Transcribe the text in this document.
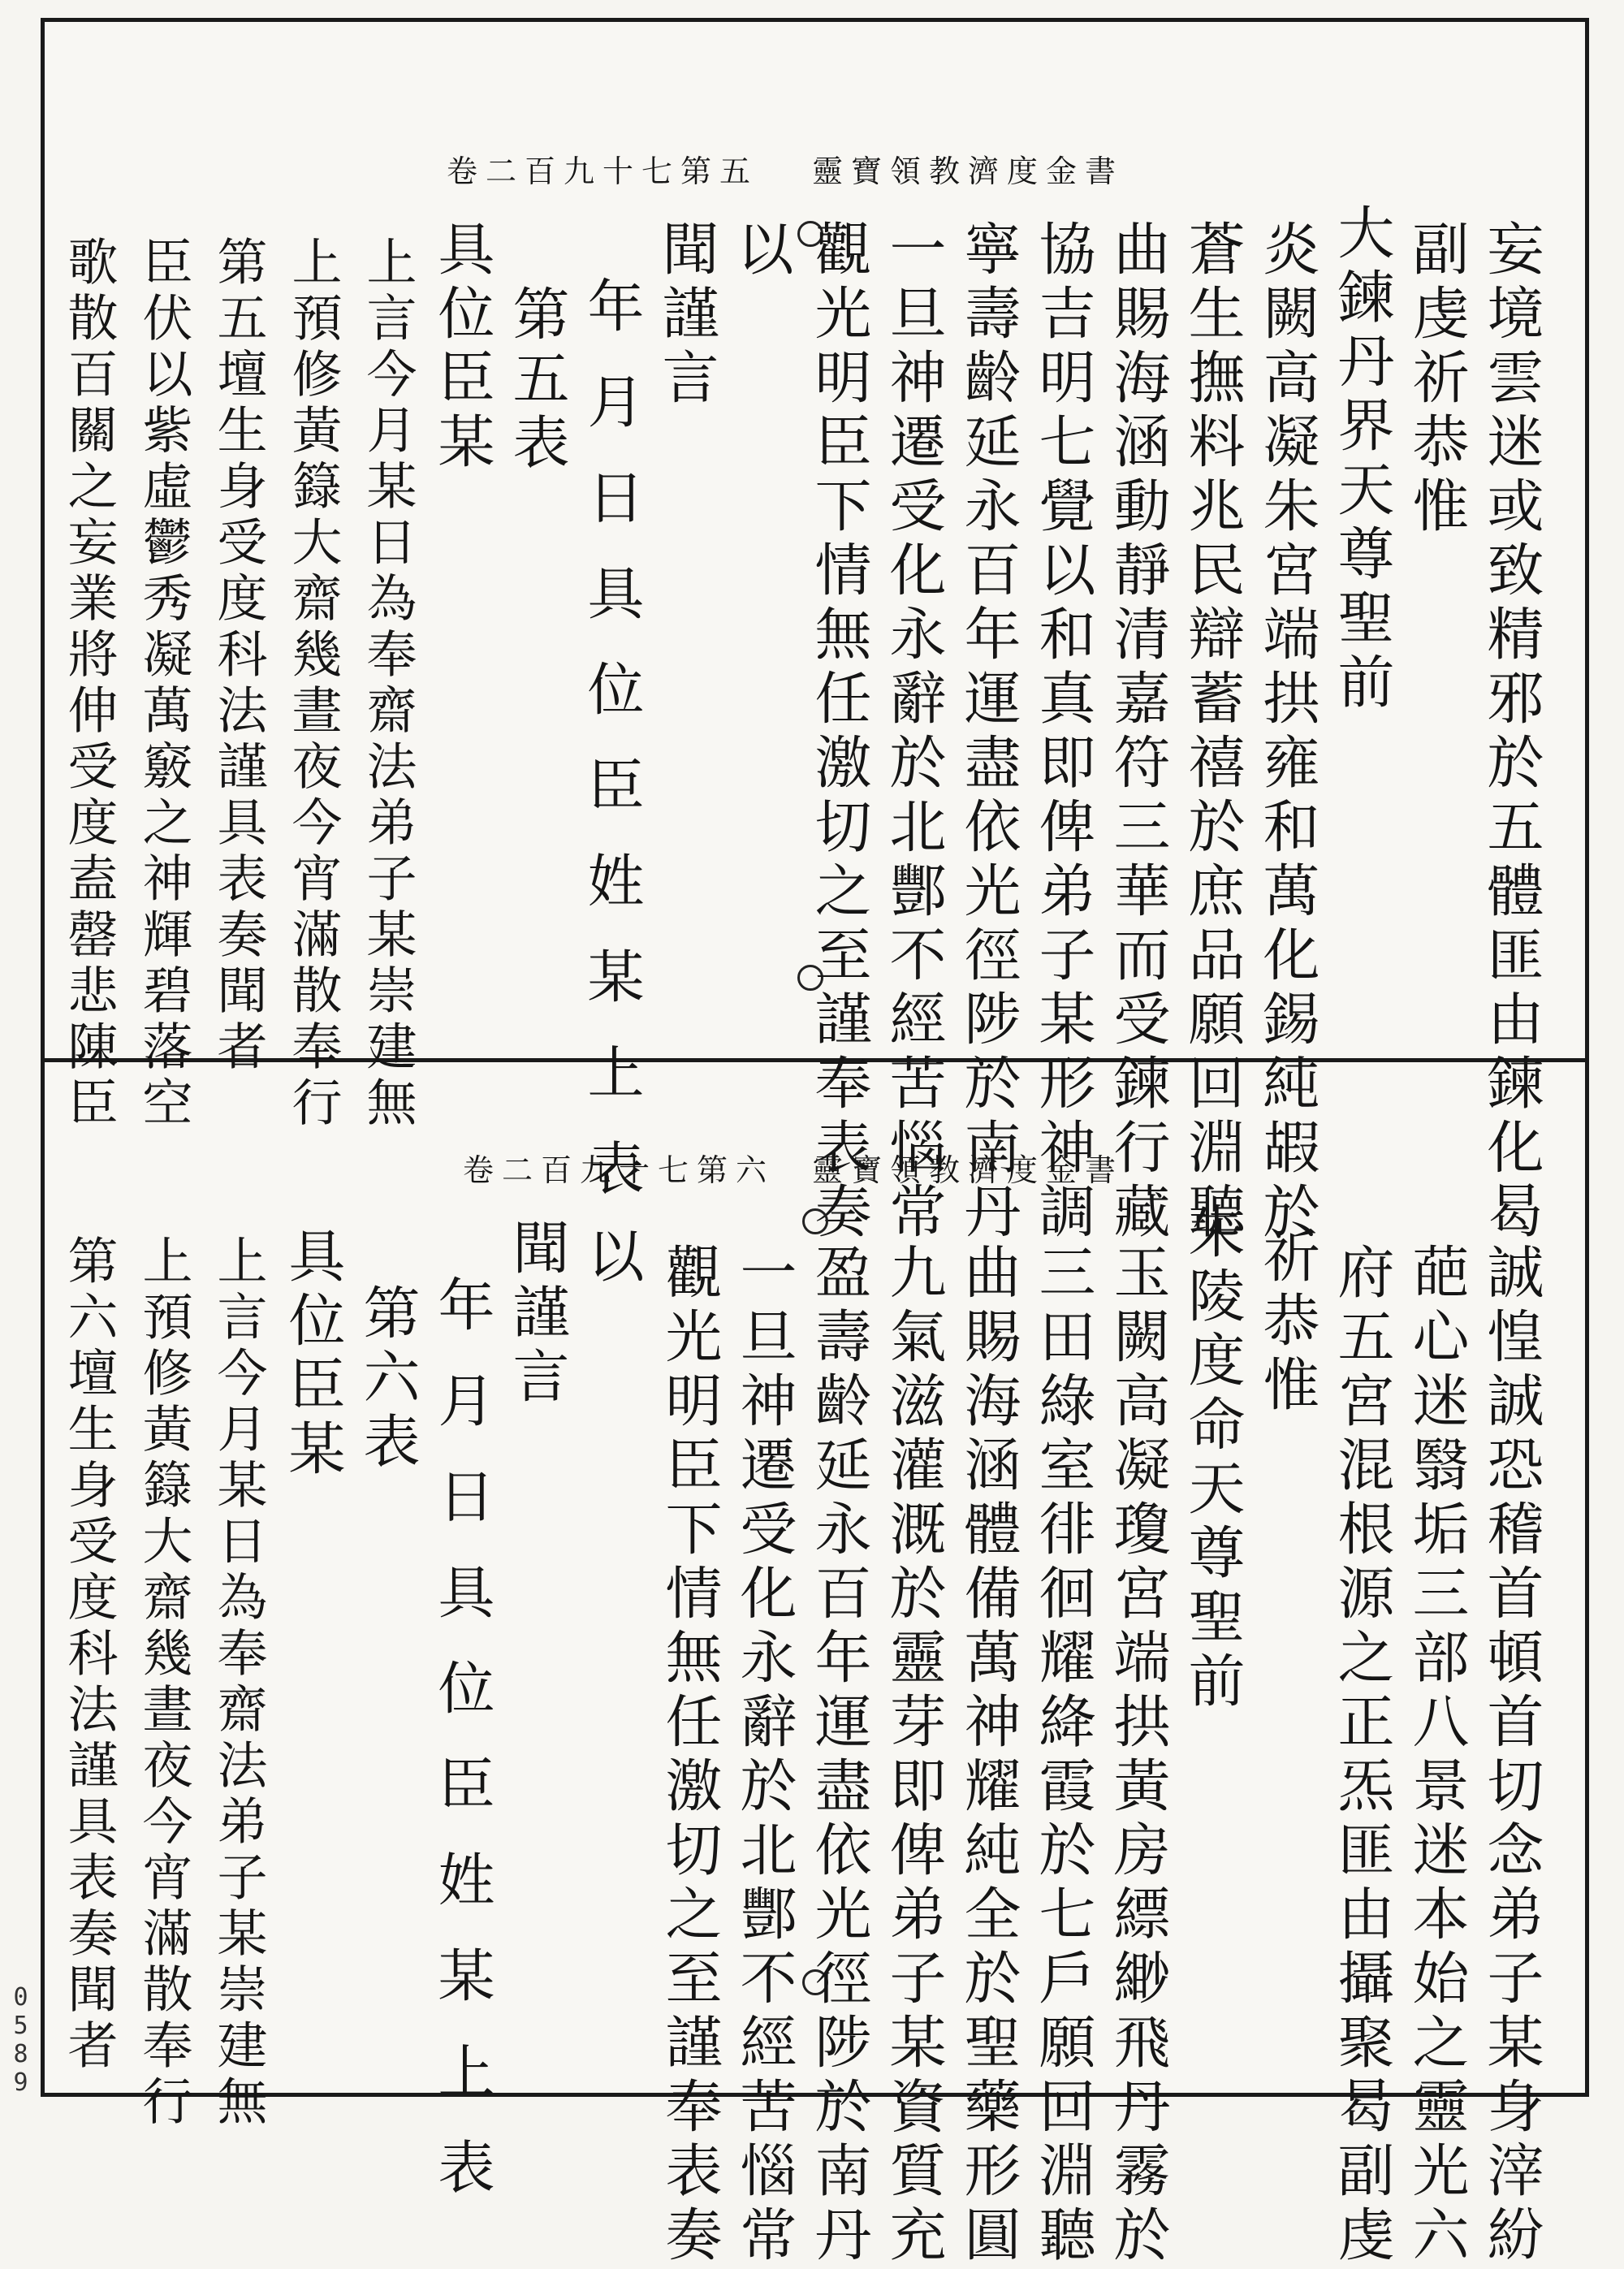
0589
靈寶領教濟度金書
卷二百九十七第五
妄境雲迷或致精邪於五體匪由鍊化曷
副虔祈恭惟
大鍊丹界天尊聖前
炎闕高凝朱宮端拱雍和萬化錫純嘏於
蒼生撫料兆民辯蓄禧於庶品願回淵聽
曲賜海涵動靜清嘉符三華而受鍊行藏
協吉明七覺以和真即俾弟子某形神調
寧壽齡延永百年運盡依光徑陟於南丹
一旦神遷受化永辭於北酆不經苦惱常
觀光明臣下情無任激切之至謹奉表奏
以
聞謹言
年月日具位臣姓某上表
第五表
具位臣某
上言今月某日為奉齋法弟子某崇建無
上預修黃籙大齋幾晝夜今宵滿散奉行
第五壇生身受度科法謹具表奏聞者
臣伏以紫虛鬱秀凝萬竅之神輝碧落空
歌散百關之妄業將伸受度盍罄悲陳臣
靈寶領教濟度金書
卷二百九十七第六
誠惶誠恐稽首頓首切念弟子某身滓紛
葩心迷翳垢三部八景迷本始之靈光六
府五宮混根源之正炁匪由攝聚曷副虔
祈恭惟
朱陵度命天尊聖前
玉闕高凝瓊宮端拱黃房縹緲飛丹霧於
三田綠室徘徊耀絳霞於七戶願回淵聽
曲賜海涵體備萬神耀純全於聖藥形圓
九氣滋灌溉於靈芽即俾弟子某資質充
盈壽齡延永百年運盡依光徑陟於南丹
一旦神遷受化永辭於北酆不經苦惱常
觀光明臣下情無任激切之至謹奉表奏
以
聞謹言
年月日具位臣姓某上表
第六表
具位臣某
上言今月某日為奉齋法弟子某崇建無
上預修黃籙大齋幾晝夜今宵滿散奉行
第六壇生身受度科法謹具表奏聞者
